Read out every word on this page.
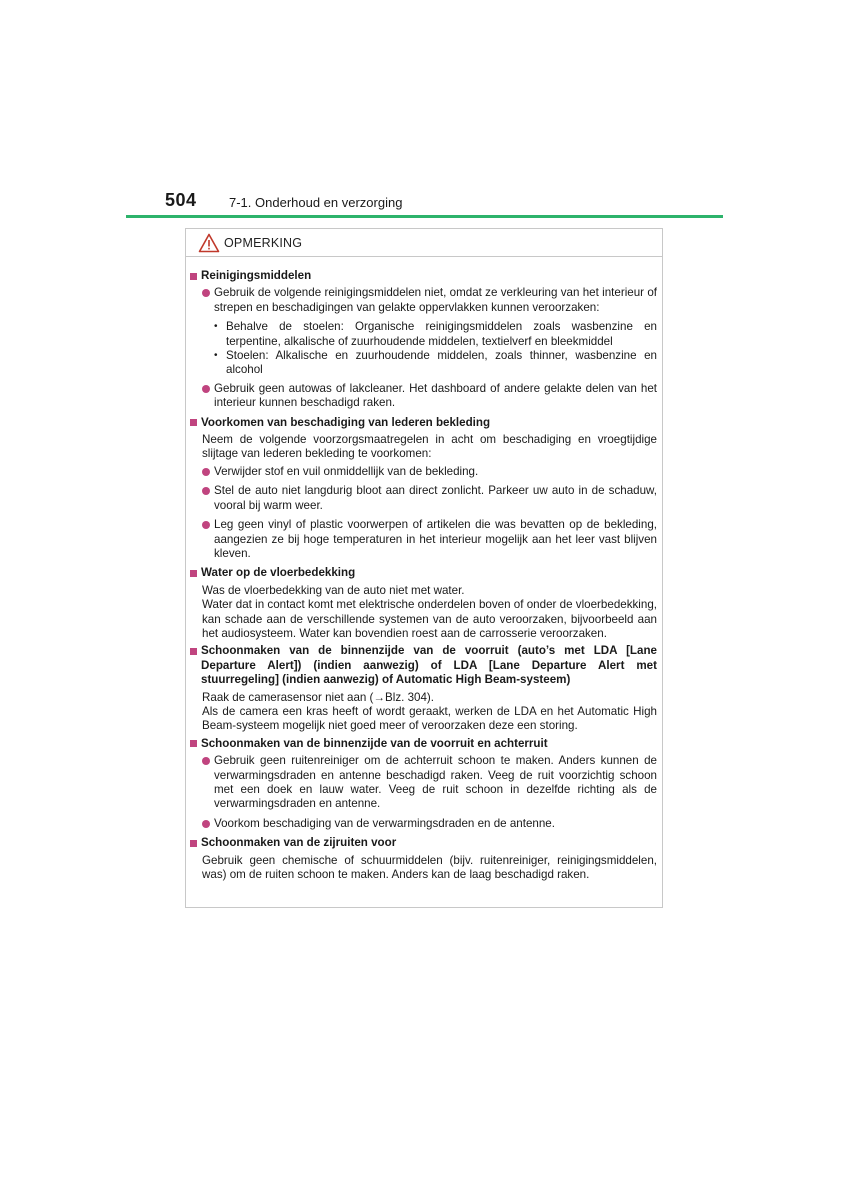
504 7-1. Onderhoud en verzorging
OPMERKING
Reinigingsmiddelen
Gebruik de volgende reinigingsmiddelen niet, omdat ze verkleuring van het interieur of strepen en beschadigingen van gelakte oppervlakken kunnen veroorzaken:
• Behalve de stoelen: Organische reinigingsmiddelen zoals wasbenzine en terpentine, alkalische of zuurhoudende middelen, textielverf en bleekmiddel
• Stoelen: Alkalische en zuurhoudende middelen, zoals thinner, wasbenzine en alcohol
Gebruik geen autowas of lakcleaner. Het dashboard of andere gelakte delen van het interieur kunnen beschadigd raken.
Voorkomen van beschadiging van lederen bekleding

Neem de volgende voorzorgsmaatregelen in acht om beschadiging en vroegtijdige slijtage van lederen bekleding te voorkomen:

Verwijder stof en vuil onmiddellijk van de bekleding.
Stel de auto niet langdurig bloot aan direct zonlicht. Parkeer uw auto in de schaduw, vooral bij warm weer.
Leg geen vinyl of plastic voorwerpen of artikelen die was bevatten op de bekleding, aangezien ze bij hoge temperaturen in het interieur mogelijk aan het leer vast blijven kleven.
Water op de vloerbedekking

Was de vloerbedekking van de auto niet met water.

Water dat in contact komt met elektrische onderdelen boven of onder de vloerbedekking, kan schade aan de verschillende systemen van de auto veroorzaken, bijvoorbeeld aan het audiosysteem. Water kan bovendien roest aan de carrosserie veroorzaken.

Schoonmaken van de binnenzijde van de voorruit (auto’s met LDA [Lane Departure Alert]) (indien aanwezig) of LDA [Lane Departure Alert met stuurregeling] (indien aanwezig) of Automatic High Beam-systeem)

Raak de camerasensor niet aan (→Blz. 304).

Als de camera een kras heeft of wordt geraakt, werken de LDA en het Automatic High Beam-systeem mogelijk niet goed meer of veroorzaken deze een storing.

Schoonmaken van de binnenzijde van de voorruit en achterruit
Gebruik geen ruitenreiniger om de achterruit schoon te maken. Anders kunnen de verwarmingsdraden en antenne beschadigd raken. Veeg de ruit voorzichtig schoon met een doek en lauw water. Veeg de ruit schoon in dezelfde richting als de verwarmingsdraden en antenne.
Voorkom beschadiging van de verwarmingsdraden en de antenne.
Schoonmaken van de zijruiten voor

Gebruik geen chemische of schuurmiddelen (bijv. ruitenreiniger, reinigingsmiddelen, was) om de ruiten schoon te maken. Anders kan de laag beschadigd raken.
